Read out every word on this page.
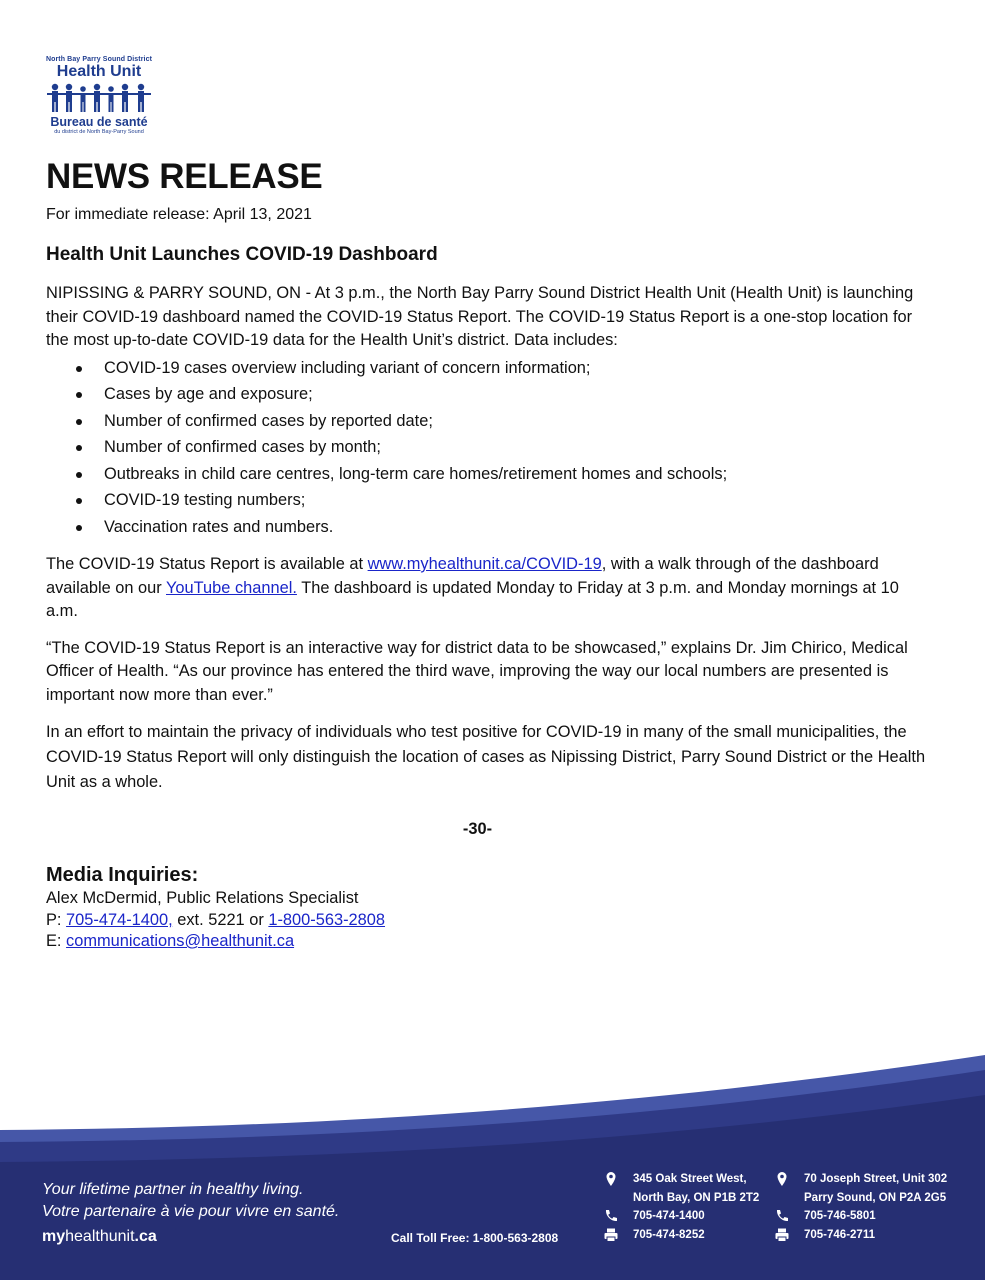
North Bay Parry Sound District
Health Unit
Bureau de santé
du district de North Bay-Parry Sound
NEWS RELEASE
For immediate release: April 13, 2021
Health Unit Launches COVID-19 Dashboard

NIPISSING & PARRY SOUND, ON - At 3 p.m., the North Bay Parry Sound District Health Unit (Health Unit) is launching their COVID-19 dashboard named the COVID-19 Status Report. The COVID-19 Status Report is a one-stop location for the most up-to-date COVID-19 data for the Health Unit’s district. Data includes:

COVID-19 cases overview including variant of concern information;
Cases by age and exposure;
Number of confirmed cases by reported date;
Number of confirmed cases by month;
Outbreaks in child care centres, long-term care homes/retirement homes and schools;
COVID-19 testing numbers;
Vaccination rates and numbers.

The COVID-19 Status Report is available at www.myhealthunit.ca/COVID-19, with a walk through of the dashboard available on our YouTube channel. The dashboard is updated Monday to Friday at 3 p.m. and Monday mornings at 10 a.m.

“The COVID-19 Status Report is an interactive way for district data to be showcased,” explains Dr. Jim Chirico, Medical Officer of Health. “As our province has entered the third wave, improving the way our local numbers are presented is important now more than ever.”

In an effort to maintain the privacy of individuals who test positive for COVID-19 in many of the small municipalities, the COVID-19 Status Report will only distinguish the location of cases as Nipissing District, Parry Sound District or the Health Unit as a whole.

-30-
Media Inquiries:
Alex McDermid, Public Relations Specialist
P: 705-474-1400, ext. 5221 or 1-800-563-2808
E: communications@healthunit.ca
Your lifetime partner in healthy living.
Votre partenaire à vie pour vivre en santé.
myhealthunit.ca	Call Toll Free: 1-800-563-2808
345 Oak Street West,
North Bay, ON P1B 2T2
705-474-1400
705-474-8252
70 Joseph Street, Unit 302
Parry Sound, ON P2A 2G5
705-746-5801
705-746-2711
